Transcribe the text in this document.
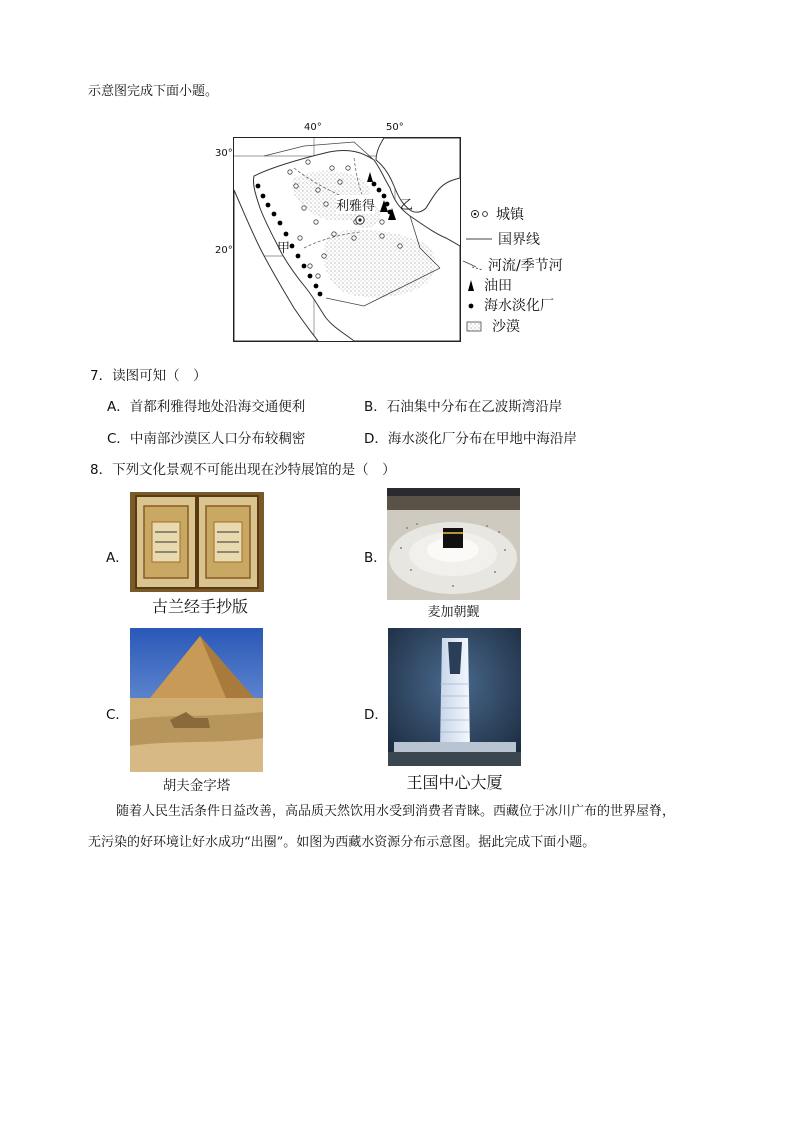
示意图完成下面小题。
40°	50°
30°
20°
利雅得
甲
乙
城镇
国界线
河流/季节河
油田
海水淡化厂
沙漠
7．读图可知（　）
A．首都利雅得地处沿海交通便利	B．石油集中分布在乙波斯湾沿岸
C．中南部沙漠区人口分布较稠密	D．海水淡化厂分布在甲地中海沿岸
8．下列文化景观不可能出现在沙特展馆的是（　）
A．
古兰经手抄版
B．
麦加朝觐
C．
胡夫金字塔
D．
王国中心大厦
随着人民生活条件日益改善，高品质天然饮用水受到消费者青睐。西藏位于冰川广布的世界屋脊，
无污染的好环境让好水成功“出圈”。如图为西藏水资源分布示意图。据此完成下面小题。
